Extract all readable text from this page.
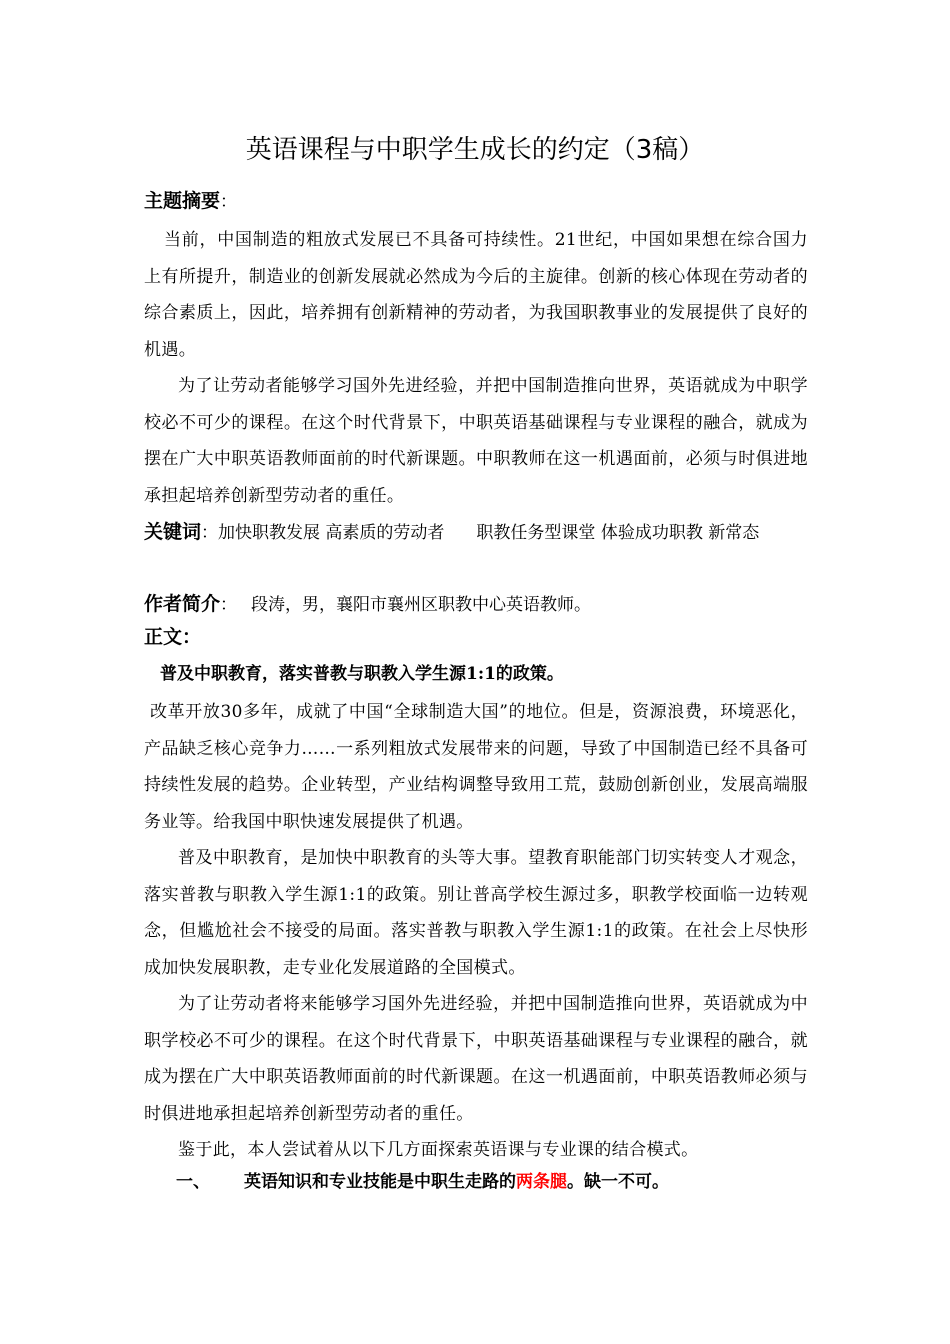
英语课程与中职学生成长的约定（3稿）
主题摘要：
当前，中国制造的粗放式发展已不具备可持续性。21世纪，中国如果想在综合国力上有所提升，制造业的创新发展就必然成为今后的主旋律。创新的核心体现在劳动者的综合素质上，因此，培养拥有创新精神的劳动者，为我国职教事业的发展提供了良好的机遇。
为了让劳动者能够学习国外先进经验，并把中国制造推向世界，英语就成为中职学校必不可少的课程。在这个时代背景下，中职英语基础课程与专业课程的融合，就成为摆在广大中职英语教师面前的时代新课题。中职教师在这一机遇面前，必须与时俱进地承担起培养创新型劳动者的重任。
关键词：加快职教发展 高素质的劳动者 职教任务型课堂 体验成功职教 新常态
作者简介： 段涛，男，襄阳市襄州区职教中心英语教师。
正文：
普及中职教育，落实普教与职教入学生源1:1的政策。
改革开放30多年，成就了中国“全球制造大国”的地位。但是，资源浪费，环境恶化，产品缺乏核心竞争力……一系列粗放式发展带来的问题，导致了中国制造已经不具备可持续性发展的趋势。企业转型，产业结构调整导致用工荒，鼓励创新创业，发展高端服务业等。给我国中职快速发展提供了机遇。
普及中职教育，是加快中职教育的头等大事。望教育职能部门切实转变人才观念，落实普教与职教入学生源1:1的政策。别让普高学校生源过多，职教学校面临一边转观念，但尴尬社会不接受的局面。落实普教与职教入学生源1:1的政策。在社会上尽快形成加快发展职教，走专业化发展道路的全国模式。
为了让劳动者将来能够学习国外先进经验，并把中国制造推向世界，英语就成为中职学校必不可少的课程。在这个时代背景下，中职英语基础课程与专业课程的融合，就成为摆在广大中职英语教师面前的时代新课题。在这一机遇面前，中职英语教师必须与时俱进地承担起培养创新型劳动者的重任。
鉴于此，本人尝试着从以下几方面探索英语课与专业课的结合模式。
一、 英语知识和专业技能是中职生走路的两条腿。缺一不可。
